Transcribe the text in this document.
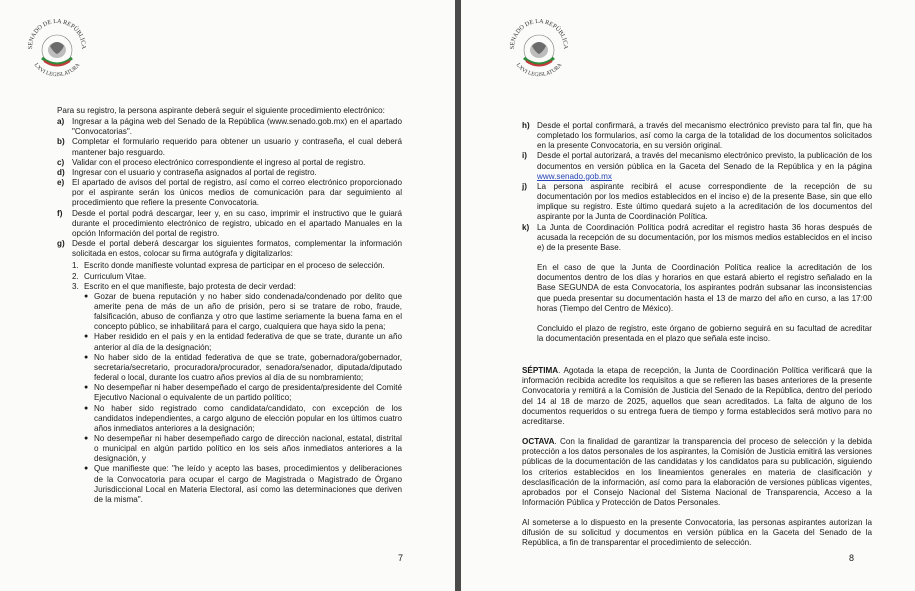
SENADO DE LA REPÚBLICA
LXVI LEGISLATURA

Para su registro, la persona aspirante deberá seguir el siguiente procedimiento electrónico:

a) Ingresar a la página web del Senado de la República (www.senado.gob.mx) en el apartado "Convocatorias".
b) Completar el formulario requerido para obtener un usuario y contraseña, el cual deberá mantener bajo resguardo.
c) Validar con el proceso electrónico correspondiente el ingreso al portal de registro.
d) Ingresar con el usuario y contraseña asignados al portal de registro.
e) El apartado de avisos del portal de registro, así como el correo electrónico proporcionado por el aspirante serán los únicos medios de comunicación para dar seguimiento al procedimiento que refiere la presente Convocatoria.
f)	Desde el portal podrá descargar, leer y, en su caso, imprimir el instructivo que le guiará durante el procedimiento electrónico de registro, ubicado en el apartado Manuales en la opción Información del portal de registro.
g) Desde el portal deberá descargar los siguientes formatos, complementar la información solicitada en estos, colocar su firma autógrafa y digitalizarlos:
1. Escrito donde manifieste voluntad expresa de participar en el proceso de selección.
2. Curriculum Vitae.
3. Escrito en el que manifieste, bajo protesta de decir verdad:
● Gozar de buena reputación y no haber sido condenada/condenado por delito que amerite pena de más de un año de prisión, pero si se tratare de robo, fraude, falsificación, abuso de confianza y otro que lastime seriamente la buena fama en el concepto público, se inhabilitará para el cargo, cualquiera que haya sido la pena;
● Haber residido en el país y en la entidad federativa de que se trate, durante un año anterior al día de la designación;
● No haber sido de la entidad federativa de que se trate, gobernadora/gobernador, secretaria/secretario, procuradora/procurador, senadora/senador, diputada/diputado federal o local, durante los cuatro años previos al día de su nombramiento;
● No desempeñar ni haber desempeñado el cargo de presidenta/presidente del Comité Ejecutivo Nacional o equivalente de un partido político;
● No haber sido registrado como candidata/candidato, con excepción de los candidatos independientes, a cargo alguno de elección popular en los últimos cuatro años inmediatos anteriores a la designación;
● No desempeñar ni haber desempeñado cargo de dirección nacional, estatal, distrital o municipal en algún partido político en los seis años inmediatos anteriores a la designación, y
● Que manifieste que: "he leído y acepto las bases, procedimientos y deliberaciones de la Convocatoria para ocupar el cargo de Magistrada o Magistrado de Órgano Jurisdiccional Local en Materia Electoral, así como las determinaciones que deriven de la misma".
7
SENADO DE LA REPÚBLICA
LXVI LEGISLATURA
h) Desde el portal confirmará, a través del mecanismo electrónico previsto para tal fin, que ha completado los formularios, así como la carga de la totalidad de los documentos solicitados en la presente Convocatoria, en su versión original.
i)	Desde el portal autorizará, a través del mecanismo electrónico previsto, la publicación de los documentos en versión pública en la Gaceta del Senado de la República y en la página www.senado.gob.mx
j)	La persona aspirante recibirá el acuse correspondiente de la recepción de su documentación por los medios establecidos en el inciso e) de la presente Base, sin que ello implique su registro. Este último quedará sujeto a la acreditación de los documentos del aspirante por la Junta de Coordinación Política.
k) La Junta de Coordinación Política podrá acreditar el registro hasta 36 horas después de acusada la recepción de su documentación, por los mismos medios establecidos en el inciso e) de la presente Base.

En el caso de que la Junta de Coordinación Política realice la acreditación de los documentos dentro de los días y horarios en que estará abierto el registro señalado en la Base SEGUNDA de esta Convocatoria, los aspirantes podrán subsanar las inconsistencias que pueda presentar su documentación hasta el 13 de marzo del año en curso, a las 17:00 horas (Tiempo del Centro de México).

Concluido el plazo de registro, este órgano de gobierno seguirá en su facultad de acreditar la documentación presentada en el plazo que señala este inciso.

SÉPTIMA. Agotada la etapa de recepción, la Junta de Coordinación Política verificará que la información recibida acredite los requisitos a que se refieren las bases anteriores de la presente Convocatoria y remitirá a la Comisión de Justicia del Senado de la República, dentro del periodo del 14 al 18 de marzo de 2025, aquellos que sean acreditados. La falta de alguno de los documentos requeridos o su entrega fuera de tiempo y forma establecidos será motivo para no acreditarse.

OCTAVA. Con la finalidad de garantizar la transparencia del proceso de selección y la debida protección a los datos personales de los aspirantes, la Comisión de Justicia emitirá las versiones públicas de la documentación de las candidatas y los candidatos para su publicación, siguiendo los criterios establecidos en los lineamientos generales en materia de clasificación y desclasificación de la información, así como para la elaboración de versiones públicas vigentes, aprobados por el Consejo Nacional del Sistema Nacional de Transparencia, Acceso a la Información Pública y Protección de Datos Personales.

Al someterse a lo dispuesto en la presente Convocatoria, las personas aspirantes autorizan la difusión de su solicitud y documentos en versión pública en la Gaceta del Senado de la República, a fin de transparentar el procedimiento de selección.

8
